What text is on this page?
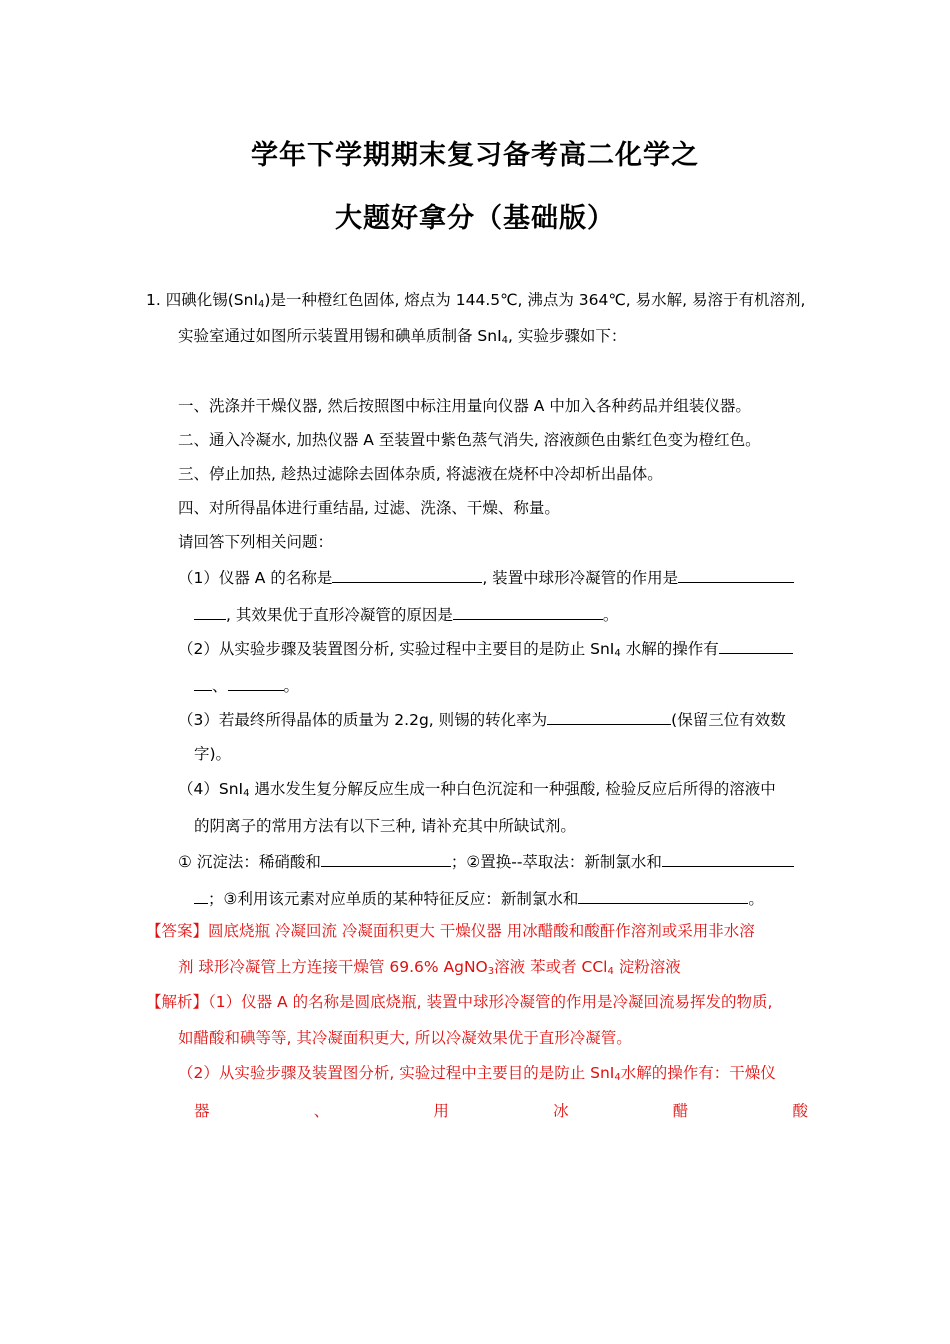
学年下学期期末复习备考高二化学之
大题好拿分（基础版）
1. 四碘化锡(SnI$_4$)是一种橙红色固体, 熔点为 144.5℃, 沸点为 364℃, 易水解, 易溶于有机溶剂,
实验室通过如图所示装置用锡和碘单质制备 SnI$_4$, 实验步骤如下：
一、洗涤并干燥仪器, 然后按照图中标注用量向仪器 A 中加入各种药品并组装仪器。
二、通入冷凝水, 加热仪器 A 至装置中紫色蒸气消失, 溶液颜色由紫红色变为橙红色。
三、停止加热, 趁热过滤除去固体杂质, 将滤液在烧杯中冷却析出晶体。
四、对所得晶体进行重结晶, 过滤、洗涤、干燥、称量。
请回答下列相关问题：
（1）仪器 A 的名称是	, 装置中球形冷凝管的作用是
, 其效果优于直形冷凝管的原因是	。
（2）从实验步骤及装置图分析, 实验过程中主要目的是防止 SnI$_4$ 水解的操作有
、	。
（3）若最终所得晶体的质量为 2.2g, 则锡的转化率为	(保留三位有效数
字)。
（4）SnI$_4$ 遇水发生复分解反应生成一种白色沉淀和一种强酸, 检验反应后所得的溶液中
的阴离子的常用方法有以下三种, 请补充其中所缺试剂。
① 沉淀法：稀硝酸和	；②置换--萃取法：新制氯水和
；③利用该元素对应单质的某种特征反应：新制氯水和	。
【答案】圆底烧瓶 冷凝回流 冷凝面积更大 干燥仪器 用冰醋酸和酸酐作溶剂或采用非水溶
剂 球形冷凝管上方连接干燥管 69.6% AgNO$_3$溶液 苯或者 CCl$_4$ 淀粉溶液
【解析】（1）仪器 A 的名称是圆底烧瓶, 装置中球形冷凝管的作用是冷凝回流易挥发的物质,
如醋酸和碘等等, 其冷凝面积更大, 所以冷凝效果优于直形冷凝管。
（2）从实验步骤及装置图分析, 实验过程中主要目的是防止 SnI$_4$水解的操作有：干燥仪
器	、	用	冰	醋	酸
